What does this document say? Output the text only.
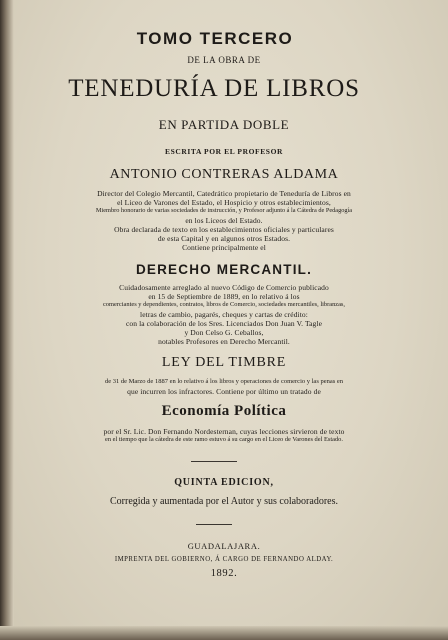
TOMO TERCERO
DE LA OBRA DE
TENEDURÍA DE LIBROS
EN PARTIDA DOBLE
ESCRITA POR EL PROFESOR
ANTONIO CONTRERAS ALDAMA
Director del Colegio Mercantil, Catedrático propietario de Teneduría de Libros en
el Liceo de Varones del Estado, el Hospicio y otros establecimientos,
Miembro honorario de varias sociedades de instrucción, y Profesor adjunto á la Cátedra de Pedagogía
en los Liceos del Estado.
Obra declarada de texto en los establecimientos oficiales y particulares
de esta Capital y en algunos otros Estados.
Contiene principalmente el
DERECHO MERCANTIL.
Cuidadosamente arreglado al nuevo Código de Comercio publicado
en 15 de Septiembre de 1889, en lo relativo á los
comerciantes y dependientes, contratos, libros de Comercio, sociedades mercantiles, libranzas,
letras de cambio, pagarés, cheques y cartas de crédito:
con la colaboración de los Sres. Licenciados Don Juan V. Tagle
y Don Celso G. Ceballos,
notables Profesores en Derecho Mercantil.
LEY DEL TIMBRE
de 31 de Marzo de 1887 en lo relativo á los libros y operaciones de comercio y las penas en
que incurren los infractores. Contiene por último un tratado de
Economía Política
por el Sr. Lic. Don Fernando Nordesternan, cuyas lecciones sirvieron de texto
en el tiempo que la cátedra de este ramo estuvo á su cargo en el Liceo de Varones del Estado.
QUINTA EDICION,
Corregida y aumentada por el Autor y sus colaboradores.
GUADALAJARA.
IMPRENTA DEL GOBIERNO, Á CARGO DE FERNANDO ALDAY.
1892.
